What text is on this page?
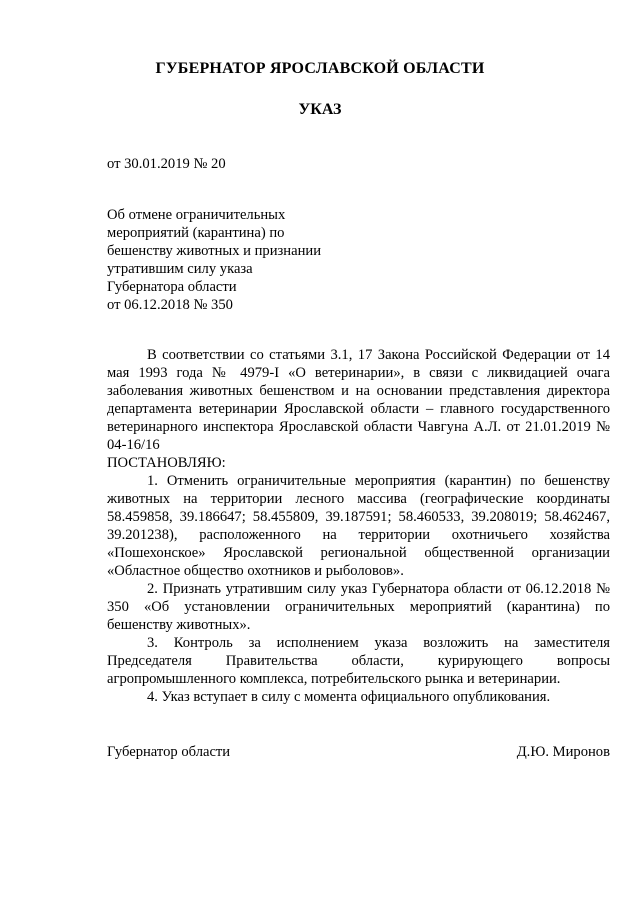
ГУБЕРНАТОР ЯРОСЛАВСКОЙ ОБЛАСТИ
УКАЗ
от 30.01.2019 № 20
Об отмене ограничительных
мероприятий (карантина) по
бешенству животных и признании
утратившим силу указа
Губернатора области
от 06.12.2018 № 350

В соответствии со статьями 3.1, 17 Закона Российской Федерации от 14 мая 1993 года № 4979-I «О ветеринарии», в связи с ликвидацией очага заболевания животных бешенством и на основании представления директора департамента ветеринарии Ярославской области – главного государственного ветеринарного инспектора Ярославской области Чавгуна А.Л. от 21.01.2019 № 04-16/16

ПОСТАНОВЛЯЮ:

1. Отменить ограничительные мероприятия (карантин) по бешенству животных на территории лесного массива (географические координаты 58.459858, 39.186647; 58.455809, 39.187591; 58.460533, 39.208019; 58.462467, 39.201238), расположенного на территории охотничьего хозяйства «Пошехонское» Ярославской региональной общественной организации «Областное общество охотников и рыболовов».

2. Признать утратившим силу указ Губернатора области от 06.12.2018 № 350 «Об установлении ограничительных мероприятий (карантина) по бешенству животных».

3. Контроль за исполнением указа возложить на заместителя Председателя Правительства области, курирующего вопросы агропромышленного комплекса, потребительского рынка и ветеринарии.

4. Указ вступает в силу с момента официального опубликования.

Губернатор области	Д.Ю. Миронов
